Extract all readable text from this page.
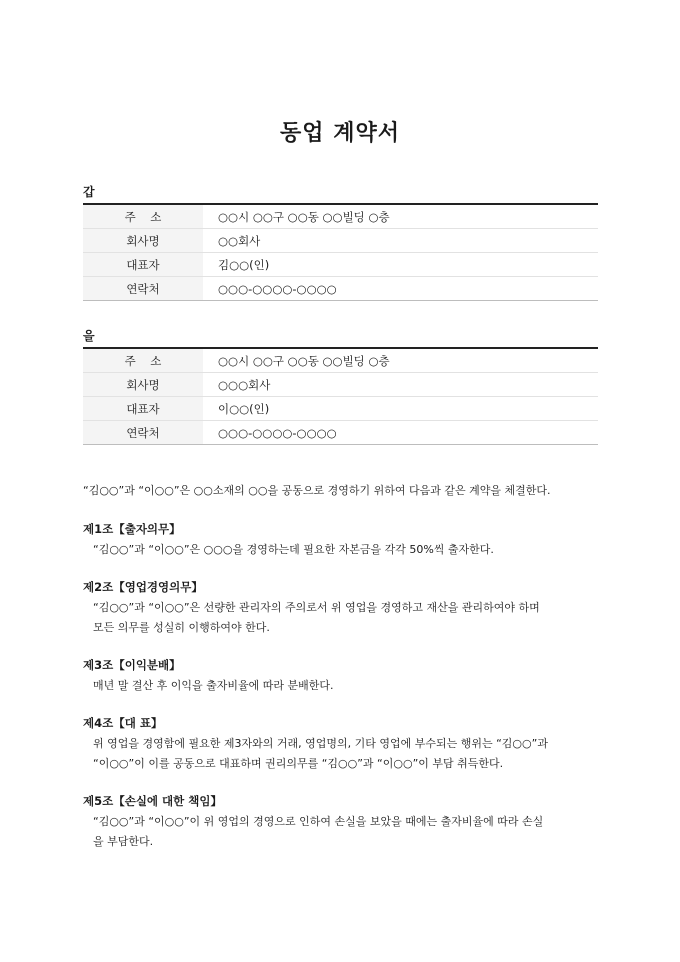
동업 계약서
갑
주    소	○○시 ○○구 ○○동 ○○빌딩 ○층
회사명	○○회사
대표자	김○○(인)
연락처	○○○-○○○○-○○○○
을
주    소	○○시 ○○구 ○○동 ○○빌딩 ○층
회사명	○○○회사
대표자	이○○(인)
연락처	○○○-○○○○-○○○○
“김○○”과 “이○○”은 ○○소재의 ○○을 공동으로 경영하기 위하여 다음과 같은 계약을 체결한다.
제1조【출자의무】
“김○○”과 “이○○”은 ○○○을 경영하는데 필요한 자본금을 각각 50%씩 출자한다.
제2조【영업경영의무】
“김○○”과 “이○○”은 선량한 관리자의 주의로서 위 영업을 경영하고 재산을 관리하여야 하며
모든 의무를 성실히 이행하여야 한다.
제3조【이익분배】
매년 말 결산 후 이익을 출자비율에 따라 분배한다.
제4조【대 표】
위 영업을 경영함에 필요한 제3자와의 거래, 영업명의, 기타 영업에 부수되는 행위는 “김○○”과
“이○○”이 이를 공동으로 대표하며 권리의무를 “김○○”과 “이○○”이 부담 취득한다.
제5조【손실에 대한 책임】
“김○○”과 “이○○”이 위 영업의 경영으로 인하여 손실을 보았을 때에는 출자비율에 따라 손실
을 부담한다.
